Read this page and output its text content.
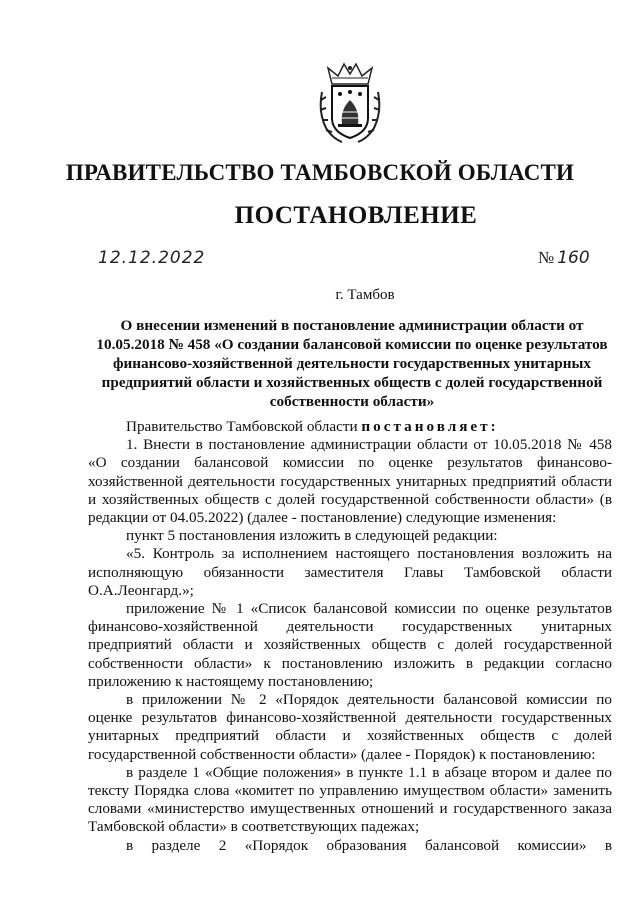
ПРАВИТЕЛЬСТВО ТАМБОВСКОЙ ОБЛАСТИ
ПОСТАНОВЛЕНИЕ
12.12.2022	№ 160
г. Тамбов
О внесении изменений в постановление администрации области от 10.05.2018 № 458 «О создании балансовой комиссии по оценке результатов финансово-хозяйственной деятельности государственных унитарных предприятий области и хозяйственных обществ с долей государственной собственности области»

Правительство Тамбовской области постановляет:

1. Внести в постановление администрации области от 10.05.2018 № 458 «О создании балансовой комиссии по оценке результатов финансово-хозяйственной деятельности государственных унитарных предприятий области и хозяйственных обществ с долей государственной собственности области» (в редакции от 04.05.2022) (далее - постановление) следующие изменения:

пункт 5 постановления изложить в следующей редакции:

«5. Контроль за исполнением настоящего постановления возложить на исполняющую обязанности заместителя Главы Тамбовской области О.А.Леонгард.»;

приложение № 1 «Список балансовой комиссии по оценке результатов финансово-хозяйственной деятельности государственных унитарных предприятий области и хозяйственных обществ с долей государственной собственности области» к постановлению изложить в редакции согласно приложению к настоящему постановлению;

в приложении № 2 «Порядок деятельности балансовой комиссии по оценке результатов финансово-хозяйственной деятельности государственных унитарных предприятий области и хозяйственных обществ с долей государственной собственности области» (далее - Порядок) к постановлению:

в разделе 1 «Общие положения» в пункте 1.1 в абзаце втором и далее по тексту Порядка слова «комитет по управлению имуществом области» заменить словами «министерство имущественных отношений и государственного заказа Тамбовской области» в соответствующих падежах;

в разделе 2 «Порядок образования балансовой комиссии» в
